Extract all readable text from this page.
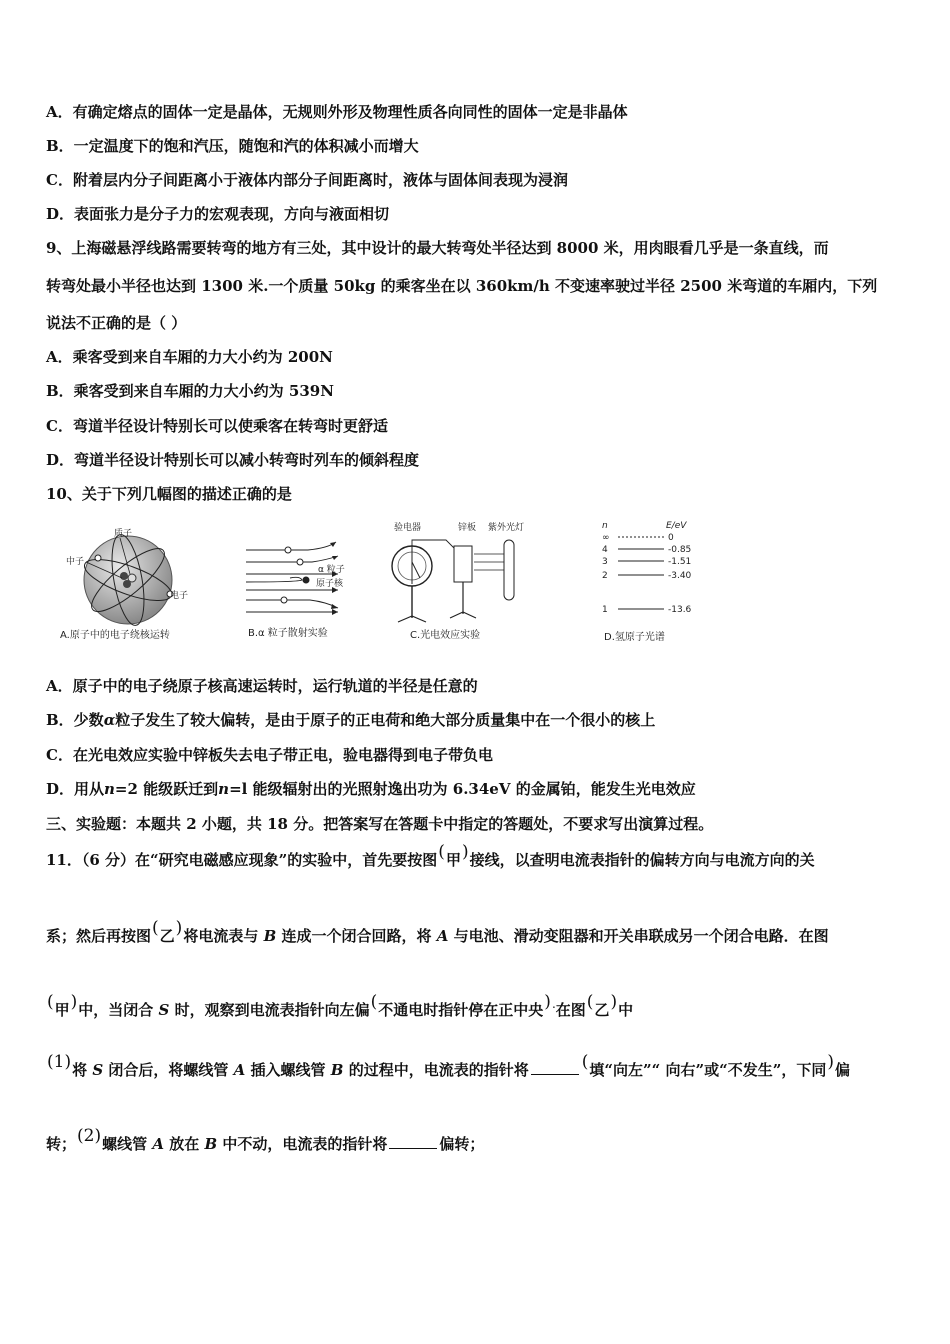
A．有确定熔点的固体一定是晶体，无规则外形及物理性质各向同性的固体一定是非晶体
B．一定温度下的饱和汽压，随饱和汽的体积减小而增大
C．附着层内分子间距离小于液体内部分子间距离时，液体与固体间表现为浸润
D．表面张力是分子力的宏观表现，方向与液面相切
9、上海磁悬浮线路需要转弯的地方有三处，其中设计的最大转弯处半径达到 8000 米，用肉眼看几乎是一条直线，而
转弯处最小半径也达到 1300 米.一个质量 50kg 的乘客坐在以 360km/h 不变速率驶过半径 2500 米弯道的车厢内，下列
说法不正确的是（ ）
A．乘客受到来自车厢的力大小约为 200N
B．乘客受到来自车厢的力大小约为 539N
C．弯道半径设计特别长可以使乘客在转弯时更舒适
D．弯道半径设计特别长可以减小转弯时列车的倾斜程度
10、关于下列几幅图的描述正确的是
质子
中子
电子
A.原子中的电子绕核运转
α 粒子
原子核
B.α 粒子散射实验
验电器	锌板 紫外光灯
C.光电效应实验
n	E/eV
∞	0
4	-0.85
3	-1.51
2	-3.40
1	-13.6
D.氢原子光谱
A．原子中的电子绕原子核高速运转时，运行轨道的半径是任意的
B．少数α粒子发生了较大偏转，是由于原子的正电荷和绝大部分质量集中在一个很小的核上
C．在光电效应实验中锌板失去电子带正电，验电器得到电子带负电
D．用从n=2 能级跃迁到n=l 能级辐射出的光照射逸出功为 6.34eV 的金属铂，能发生光电效应
三、实验题：本题共 2 小题，共 18 分。把答案写在答题卡中指定的答题处，不要求写出演算过程。
11．（6 分）在“研究电磁感应现象”的实验中，首先要按图(甲)接线，以查明电流表指针的偏转方向与电流方向的关
系；然后再按图(乙)将电流表与 B 连成一个闭合回路，将 A 与电池、滑动变阻器和开关串联成另一个闭合电路．在图
(甲)中，当闭合 S 时，观察到电流表指针向左偏(不通电时指针停在正中央).在图(乙)中
(1)将 S 闭合后，将螺线管 A 插入螺线管 B 的过程中，电流表的指针将	(填“向左”“ 向右”或“不发生”，下同)偏
转；(2)螺线管 A 放在 B 中不动，电流表的指针将	偏转；
